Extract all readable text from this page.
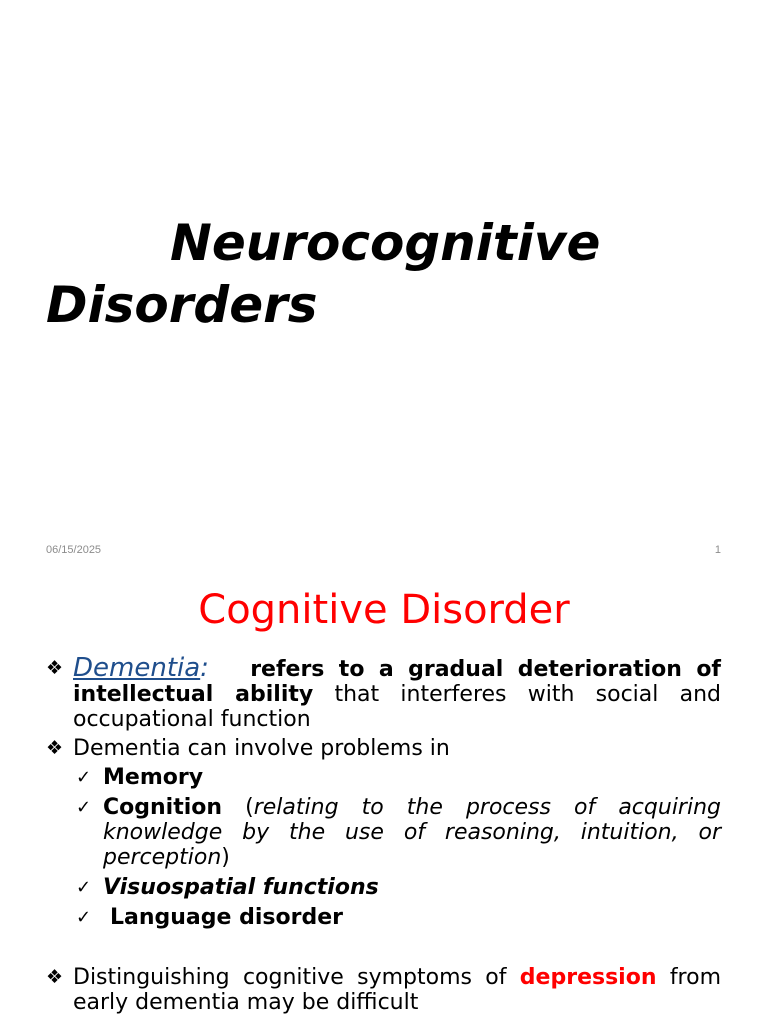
Neurocognitive
Disorders
06/15/2025	1
Cognitive Disorder
❖ Dementia: refers to a gradual deterioration of intellectual ability that interferes with social and occupational function
❖ Dementia can involve problems in
✓ Memory
✓ Cognition (relating to the process of acquiring knowledge by the use of reasoning, intuition, or perception)
✓ Visuospatial functions
✓ Language disorder
❖ Distinguishing cognitive symptoms of depression from early dementia may be difficult
